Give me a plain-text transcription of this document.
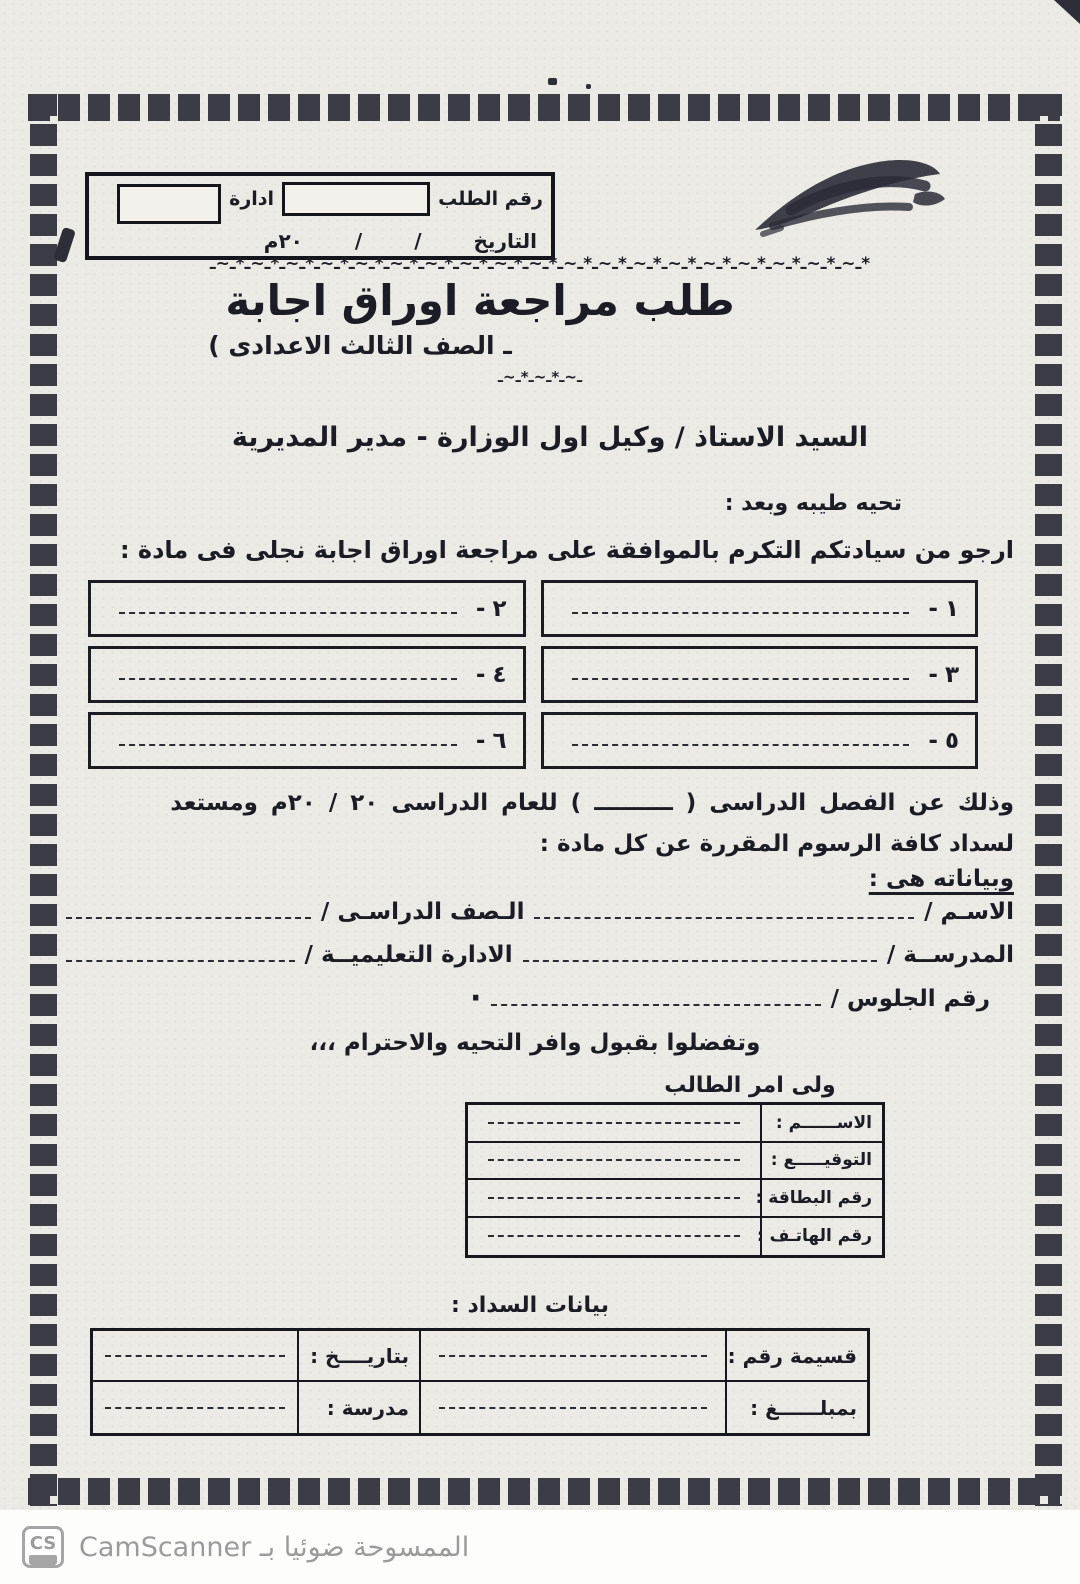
رقم الطلب
ادارة
التاريخ
/
/
٢٠م
ـ~ـ*ـ~ـ*ـ~ـ*ـ~ـ*ـ~ـ*ـ~ـ*ـ~ـ*ـ~ـ*ـ~ـ*ـ~ـ*ـ~ـ*ـ~ـ*ـ~ـ*ـ~ـ*ـ~ـ*ـ~ـ*ـ~ـ*ـ~ـ*ـ~ـ*
طلب مراجعة اوراق اجابة
ـ الصف الثالث الاعدادى )
ـ~ـ*ـ~ـ*ـ~ـ
السيد الاستاذ / وكيل اول الوزارة - مدير المديرية
تحيه طيبه وبعد :
ارجو من سيادتكم التكرم بالموافقة على مراجعة اوراق اجابة نجلى فى مادة :
١
-
٢
-
٣
-
٤
-
٥
-
٦
-
وذلك عن الفصل الدراسى ( ــــــــــ ) للعام الدراسى ٢٠ / ٢٠م ومستعد
لسداد كافة الرسوم المقررة عن كل مادة :
وبياناته هى :
الاسـم /
الـصف الدراسـى /
المدرســة /
الادارة التعليميــة /
رقم الجلوس /
·
وتفضلوا بقبول وافر التحيه والاحترام ،،،
ولى امر الطالب
الاســــــم :
التوقيـــــع :
رقم البطاقة :
رقم الهاتـف :
بيانات السداد :
قسيمة رقم :
بتاريــــخ :
بمبلــــــغ :
مدرسة :
CS الممسوحة ضوئيا بـ CamScanner
